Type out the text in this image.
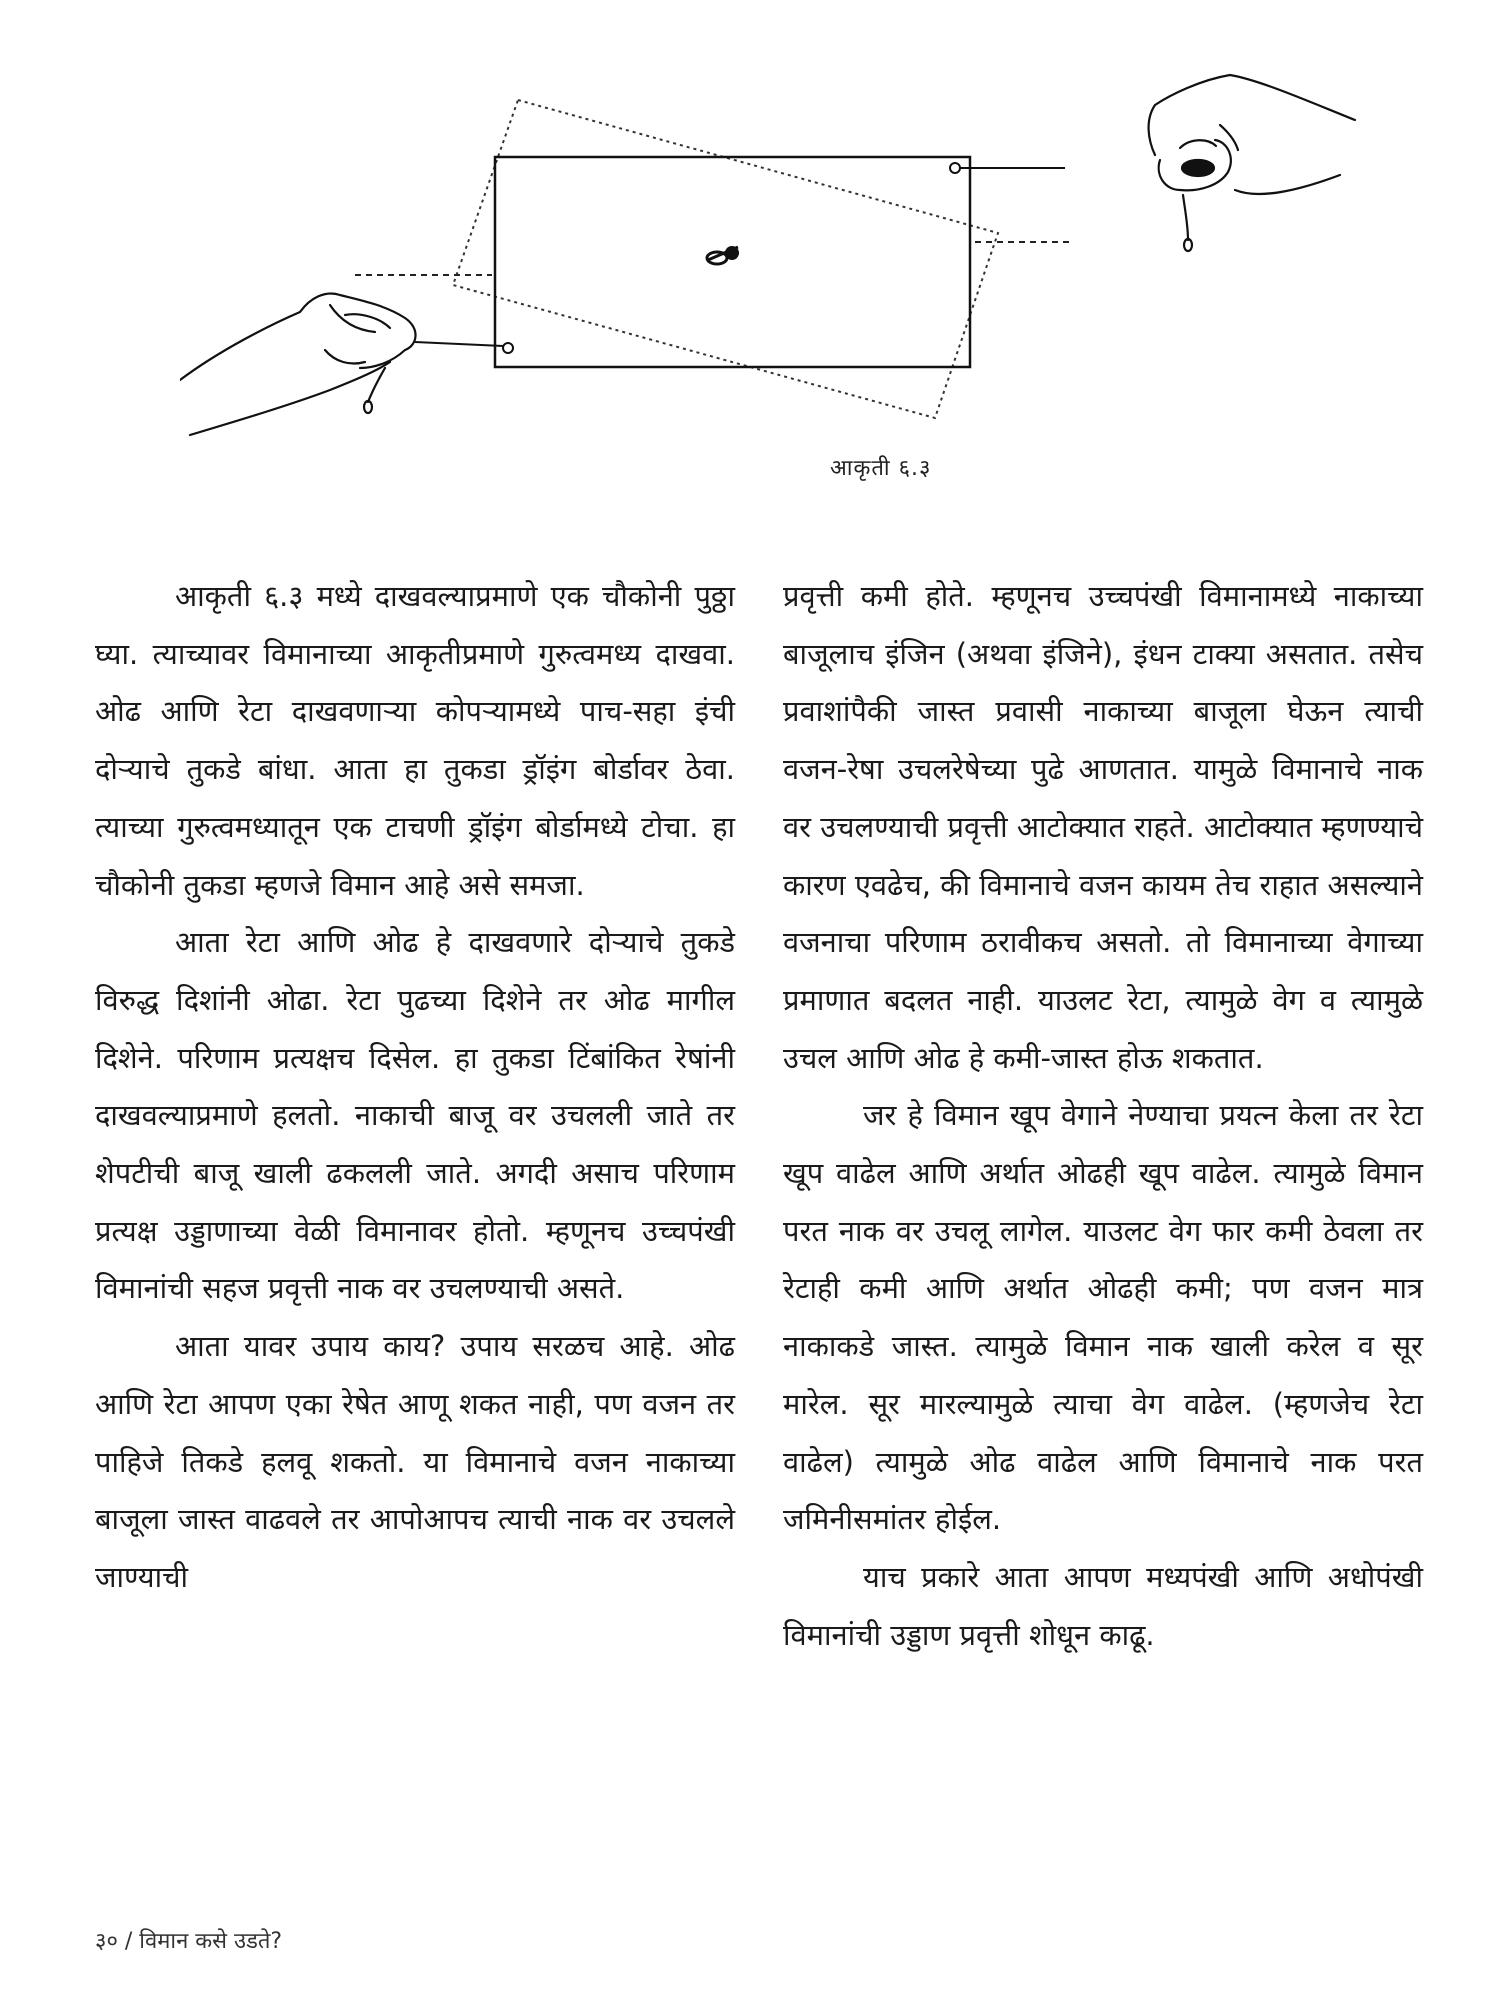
आकृती ६.३

आकृती ६.३ मध्ये दाखवल्याप्रमाणे एक चौकोनी पुठ्ठा घ्या. त्याच्यावर विमानाच्या आकृतीप्रमाणे गुरुत्वमध्य दाखवा. ओढ आणि रेटा दाखवणाऱ्या कोपऱ्यामध्ये पाच-सहा इंची दोऱ्याचे तुकडे बांधा. आता हा तुकडा ड्रॉइंग बोर्डावर ठेवा. त्याच्या गुरुत्वमध्यातून एक टाचणी ड्रॉइंग बोर्डामध्ये टोचा. हा चौकोनी तुकडा म्हणजे विमान आहे असे समजा.

आता रेटा आणि ओढ हे दाखवणारे दोऱ्याचे तुकडे विरुद्ध दिशांनी ओढा. रेटा पुढच्या दिशेने तर ओढ मागील दिशेने. परिणाम प्रत्यक्षच दिसेल. हा तुकडा टिंबांकित रेषांनी दाखवल्याप्रमाणे हलतो. नाकाची बाजू वर उचलली जाते तर शेपटीची बाजू खाली ढकलली जाते. अगदी असाच परिणाम प्रत्यक्ष उड्डाणाच्या वेळी विमानावर होतो. म्हणूनच उच्चपंखी विमानांची सहज प्रवृत्ती नाक वर उचलण्याची असते.

आता यावर उपाय काय? उपाय सरळच आहे. ओढ आणि रेटा आपण एका रेषेत आणू शकत नाही, पण वजन तर पाहिजे तिकडे हलवू शकतो. या विमानाचे वजन नाकाच्या बाजूला जास्त वाढवले तर आपोआपच त्याची नाक वर उचलले जाण्याची

प्रवृत्ती कमी होते. म्हणूनच उच्चपंखी विमानामध्ये नाकाच्या बाजूलाच इंजिन (अथवा इंजिने), इंधन टाक्या असतात. तसेच प्रवाशांपैकी जास्त प्रवासी नाकाच्या बाजूला घेऊन त्याची वजन-रेषा उचलरेषेच्या पुढे आणतात. यामुळे विमानाचे नाक वर उचलण्याची प्रवृत्ती आटोक्यात राहते. आटोक्यात म्हणण्याचे कारण एवढेच, की विमानाचे वजन कायम तेच राहात असल्याने वजनाचा परिणाम ठरावीकच असतो. तो विमानाच्या वेगाच्या प्रमाणात बदलत नाही. याउलट रेटा, त्यामुळे वेग व त्यामुळे उचल आणि ओढ हे कमी-जास्त होऊ शकतात.

जर हे विमान खूप वेगाने नेण्याचा प्रयत्न केला तर रेटा खूप वाढेल आणि अर्थात ओढही खूप वाढेल. त्यामुळे विमान परत नाक वर उचलू लागेल. याउलट वेग फार कमी ठेवला तर रेटाही कमी आणि अर्थात ओढही कमी; पण वजन मात्र नाकाकडे जास्त. त्यामुळे विमान नाक खाली करेल व सूर मारेल. सूर मारल्यामुळे त्याचा वेग वाढेल. (म्हणजेच रेटा वाढेल) त्यामुळे ओढ वाढेल आणि विमानाचे नाक परत जमिनीसमांतर होईल.

याच प्रकारे आता आपण मध्यपंखी आणि अधोपंखी विमानांची उड्डाण प्रवृत्ती शोधून काढू.

३० / विमान कसे उडते?
